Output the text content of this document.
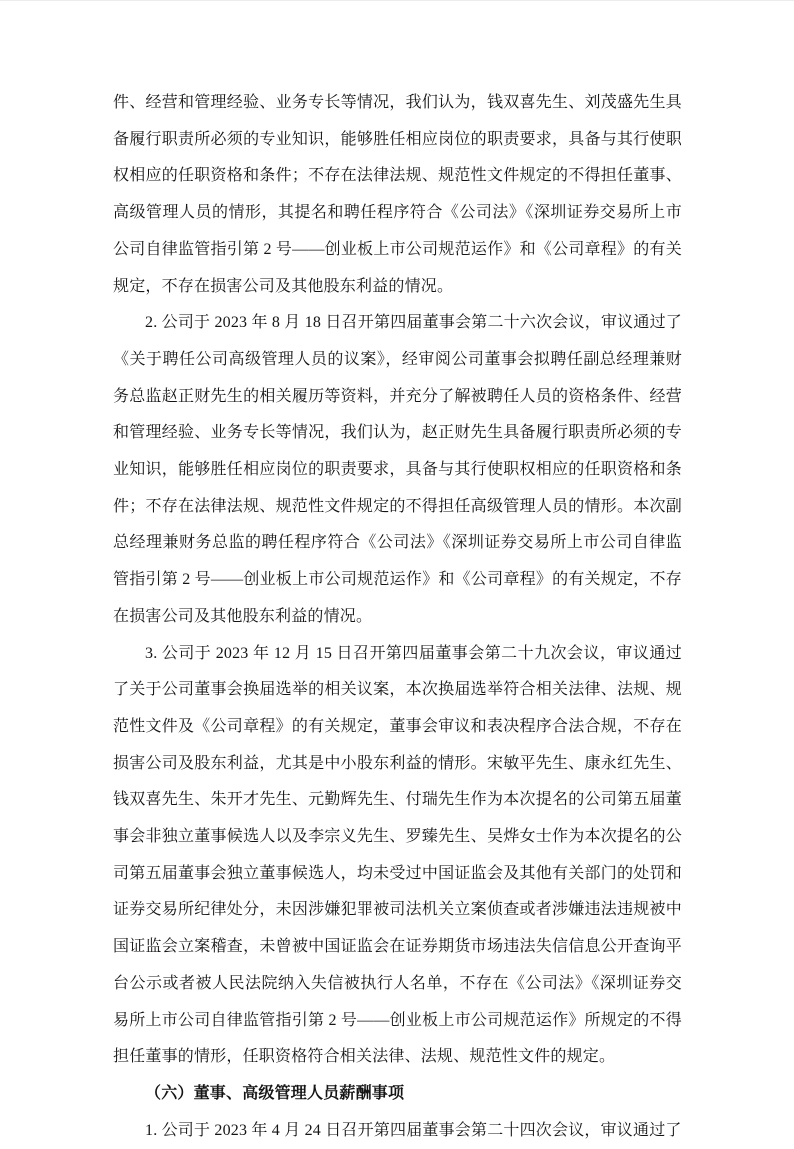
件、经营和管理经验、业务专长等情况，我们认为，钱双喜先生、刘茂盛先生具备履行职责所必须的专业知识，能够胜任相应岗位的职责要求，具备与其行使职权相应的任职资格和条件；不存在法律法规、规范性文件规定的不得担任董事、高级管理人员的情形，其提名和聘任程序符合《公司法》《深圳证券交易所上市公司自律监管指引第 2 号——创业板上市公司规范运作》和《公司章程》的有关规定，不存在损害公司及其他股东利益的情况。

2. 公司于 2023 年 8 月 18 日召开第四届董事会第二十六次会议，审议通过了《关于聘任公司高级管理人员的议案》，经审阅公司董事会拟聘任副总经理兼财务总监赵正财先生的相关履历等资料，并充分了解被聘任人员的资格条件、经营和管理经验、业务专长等情况，我们认为，赵正财先生具备履行职责所必须的专业知识，能够胜任相应岗位的职责要求，具备与其行使职权相应的任职资格和条件；不存在法律法规、规范性文件规定的不得担任高级管理人员的情形。本次副总经理兼财务总监的聘任程序符合《公司法》《深圳证券交易所上市公司自律监管指引第 2 号——创业板上市公司规范运作》和《公司章程》的有关规定，不存在损害公司及其他股东利益的情况。

3. 公司于 2023 年 12 月 15 日召开第四届董事会第二十九次会议，审议通过了关于公司董事会换届选举的相关议案，本次换届选举符合相关法律、法规、规范性文件及《公司章程》的有关规定，董事会审议和表决程序合法合规，不存在损害公司及股东利益，尤其是中小股东利益的情形。宋敏平先生、康永红先生、钱双喜先生、朱开才先生、元勤辉先生、付瑞先生作为本次提名的公司第五届董事会非独立董事候选人以及李宗义先生、罗臻先生、吴烨女士作为本次提名的公司第五届董事会独立董事候选人，均未受过中国证监会及其他有关部门的处罚和证券交易所纪律处分，未因涉嫌犯罪被司法机关立案侦查或者涉嫌违法违规被中国证监会立案稽查，未曾被中国证监会在证券期货市场违法失信信息公开查询平台公示或者被人民法院纳入失信被执行人名单，不存在《公司法》《深圳证券交易所上市公司自律监管指引第 2 号——创业板上市公司规范运作》所规定的不得担任董事的情形，任职资格符合相关法律、法规、规范性文件的规定。

（六）董事、高级管理人员薪酬事项

1. 公司于 2023 年 4 月 24 日召开第四届董事会第二十四次会议，审议通过了
